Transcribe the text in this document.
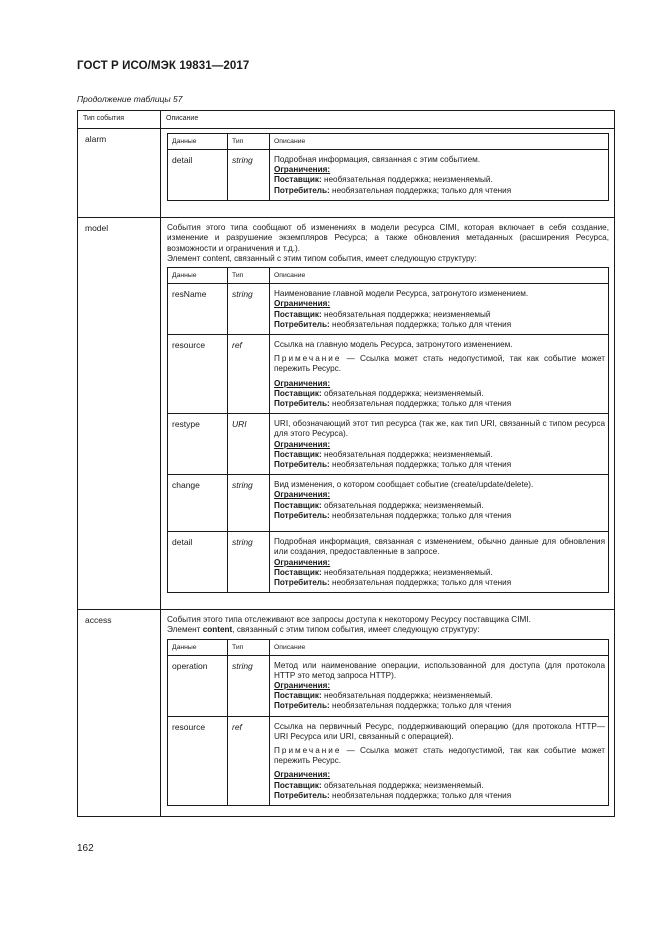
ГОСТ Р ИСО/МЭК 19831—2017
Продолжение таблицы 57
Тип события	Описание
alarm		Данные	Тип	Описание
detail	string	Подробная информация, связанная с этим событием.
Ограничения:
Поставщик: необязательная поддержка; неизменяемый.
Потребитель: необязательная поддержка; только для чтения

model	События этого типа сообщают об изменениях в модели ресурса CIMI, которая включает в себя создание, изменение и разрушение экземпляров Ресурса; а также обновления метаданных (расширения Ресурса, возможности и ограничения и т.д.).
Элемент content, связанный с этим типом события, имеет следующую структуру:
Данные	Тип	Описание
resName	string	Наименование главной модели Ресурса, затронутого изменением.
Ограничения:
Поставщик: необязательная поддержка; неизменяемый
Потребитель: необязательная поддержка; только для чтения

resource	ref	Ссылка на главную модель Ресурса, затронутого изменением.
Примечание — Ссылка может стать недопустимой, так как событие может пережить Ресурс.
Ограничения:
Поставщик: обязательная поддержка; неизменяемый.
Потребитель: необязательная поддержка; только для чтения

restype	URI	URI, обозначающий этот тип ресурса (так же, как тип URI, связанный с типом ресурса для этого Ресурса).
Ограничения:
Поставщик: необязательная поддержка; неизменяемый.
Потребитель: необязательная поддержка; только для чтения

change	string	Вид изменения, о котором сообщает событие (create/update/delete).
Ограничения:
Поставщик: обязательная поддержка; неизменяемый.
Потребитель: необязательная поддержка; только для чтения

detail	string	Подробная информация, связанная с изменением, обычно данные для обновления или создания, предоставленные в запросе.
Ограничения:
Поставщик: необязательная поддержка; неизменяемый.
Потребитель: необязательная поддержка; только для чтения

access	События этого типа отслеживают все запросы доступа к некоторому Ресурсу поставщика CIMI.
Элемент content, связанный с этим типом события, имеет следующую структуру:
Данные	Тип	Описание
operation	string	Метод или наименование операции, использованной для доступа (для протокола HTTP это метод запроса HTTP).
Ограничения:
Поставщик: необязательная поддержка; неизменяемый.
Потребитель: необязательная поддержка; только для чтения

resource	ref	Ссылка на первичный Ресурс, поддерживающий операцию (для протокола HTTP—URI Ресурса или URI, связанный с операцией).
Примечание — Ссылка может стать недопустимой, так как событие может пережить Ресурс.
Ограничения:
Поставщик: обязательная поддержка; неизменяемый.
Потребитель: необязательная поддержка; только для чтения
162
